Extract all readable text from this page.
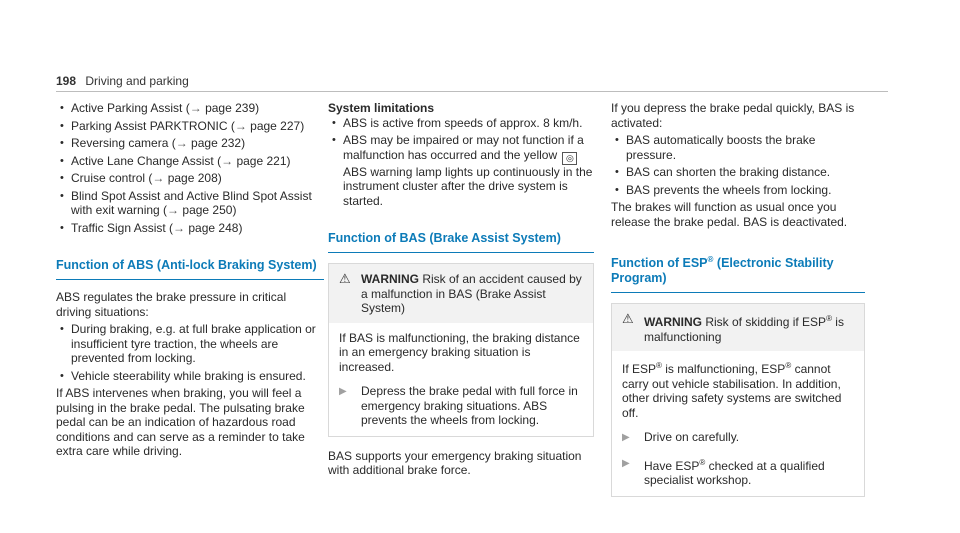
198 Driving and parking
• Active Parking Assist (→ page 239)
• Parking Assist PARKTRONIC (→ page 227)
• Reversing camera (→ page 232)
• Active Lane Change Assist (→ page 221)
• Cruise control (→ page 208)
• Blind Spot Assist and Active Blind Spot Assist with exit warning (→ page 250)
• Traffic Sign Assist (→ page 248)
Function of ABS (Anti-lock Braking System)

ABS regulates the brake pressure in critical driving situations:

• During braking, e.g. at full brake application or insufficient tyre traction, the wheels are prevented from locking.
• Vehicle steerability while braking is ensured.

If ABS intervenes when braking, you will feel a pulsing in the brake pedal. The pulsating brake pedal can be an indication of hazardous road conditions and can serve as a reminder to take extra care while driving.

System limitations
• ABS is active from speeds of approx. 8 km/h.
• ABS may be impaired or may not function if a malfunction has occurred and the yellow ◎ ABS warning lamp lights up continuously in the instrument cluster after the drive system is started.
Function of BAS (Brake Assist System)
⚠ WARNING Risk of an accident caused by a malfunction in BAS (Brake Assist System)

If BAS is malfunctioning, the braking distance in an emergency braking situation is increased.

▶	Depress the brake pedal with full force in emergency braking situations. ABS prevents the wheels from locking.

BAS supports your emergency braking situation with additional brake force.

If you depress the brake pedal quickly, BAS is activated:

• BAS automatically boosts the brake pressure.
• BAS can shorten the braking distance.
• BAS prevents the wheels from locking.

The brakes will function as usual once you release the brake pedal. BAS is deactivated.

Function of ESP® (Electronic Stability Program)
⚠ WARNING Risk of skidding if ESP® is malfunctioning

If ESP® is malfunctioning, ESP® cannot carry out vehicle stabilisation. In addition, other driving safety systems are switched off.

▶	Drive on carefully.
▶	Have ESP® checked at a qualified specialist workshop.
